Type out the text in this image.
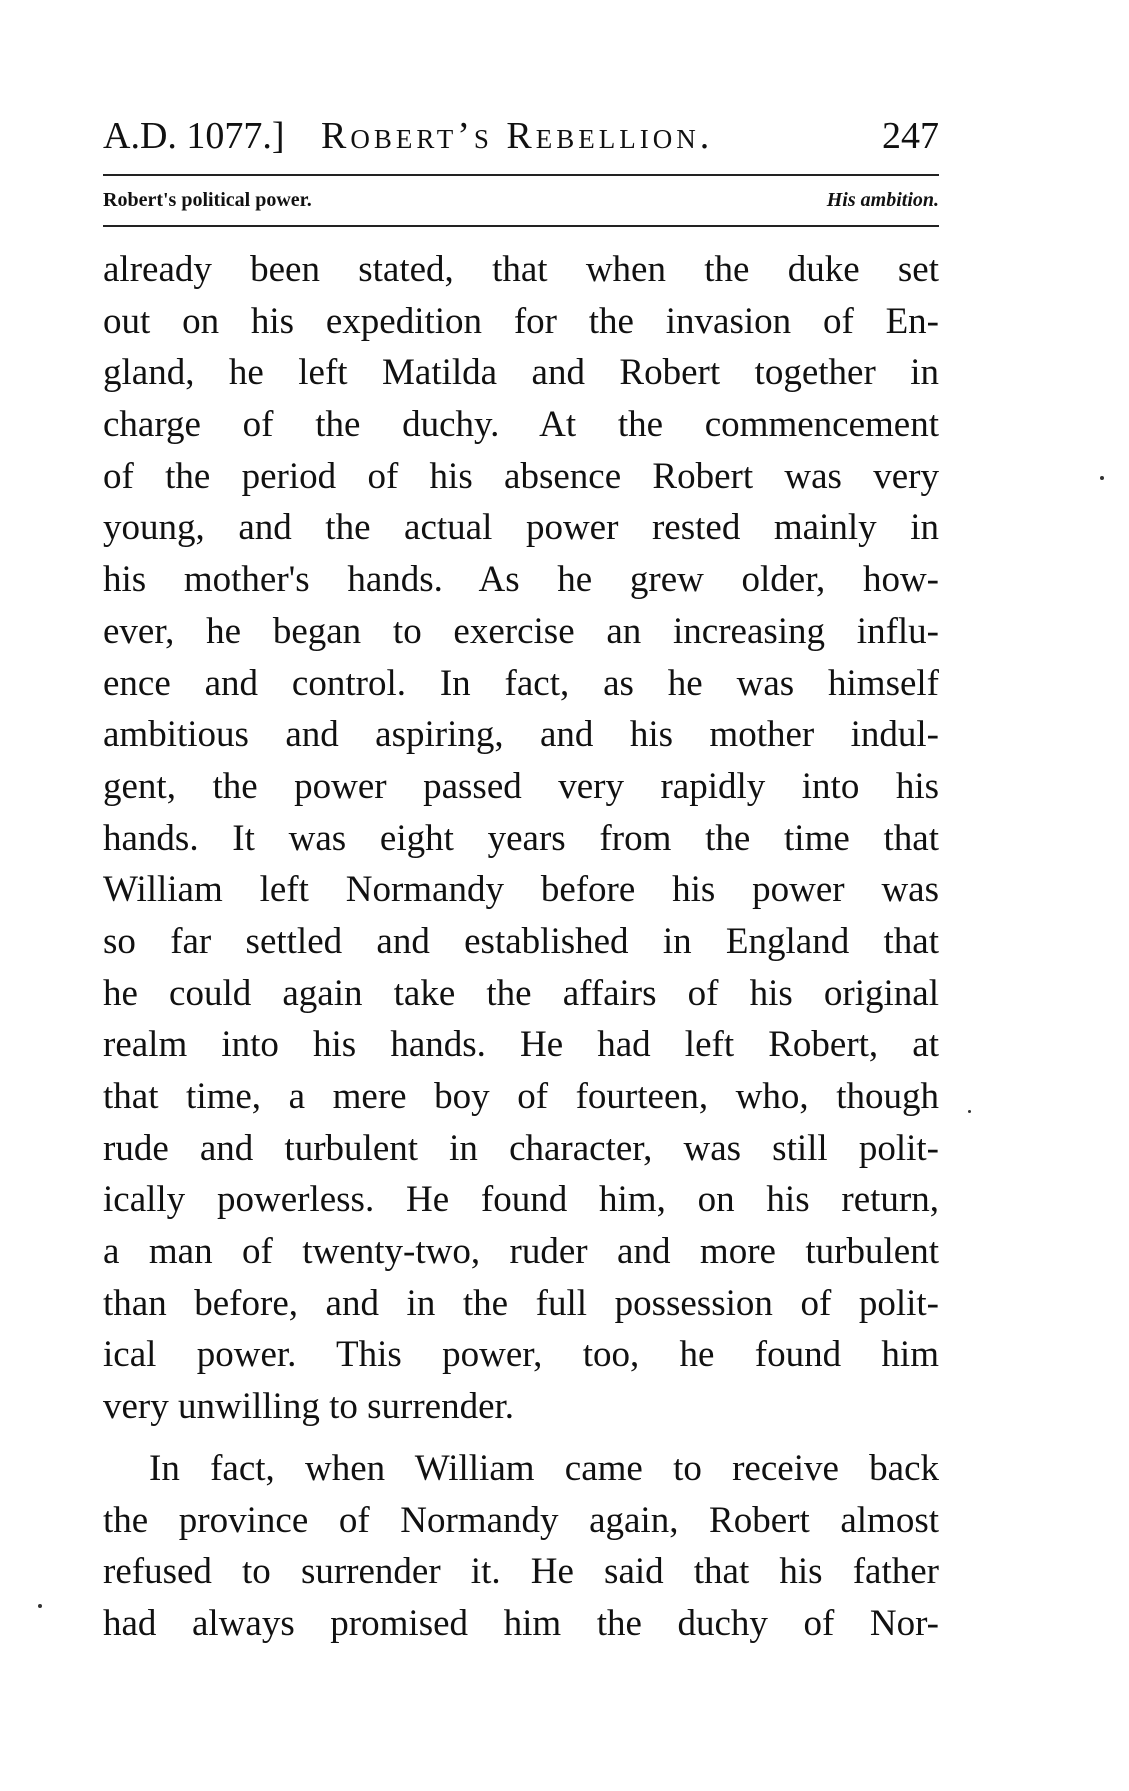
A.D. 1077.] Robert’s Rebellion.	247
Robert's political power.	His ambition.
already been stated, that when the duke set
out on his expedition for the invasion of En-
gland, he left Matilda and Robert together in
charge of the duchy. At the commencement
of the period of his absence Robert was very
young, and the actual power rested mainly in
his mother's hands. As he grew older, how-
ever, he began to exercise an increasing influ-
ence and control. In fact, as he was himself
ambitious and aspiring, and his mother indul-
gent, the power passed very rapidly into his
hands. It was eight years from the time that
William left Normandy before his power was
so far settled and established in England that
he could again take the affairs of his original
realm into his hands. He had left Robert, at
that time, a mere boy of fourteen, who, though
rude and turbulent in character, was still polit-
ically powerless. He found him, on his return,
a man of twenty-two, ruder and more turbulent
than before, and in the full possession of polit-
ical power. This power, too, he found him
very unwilling to surrender.
In fact, when William came to receive back
the province of Normandy again, Robert almost
refused to surrender it. He said that his father
had always promised him the duchy of Nor-
